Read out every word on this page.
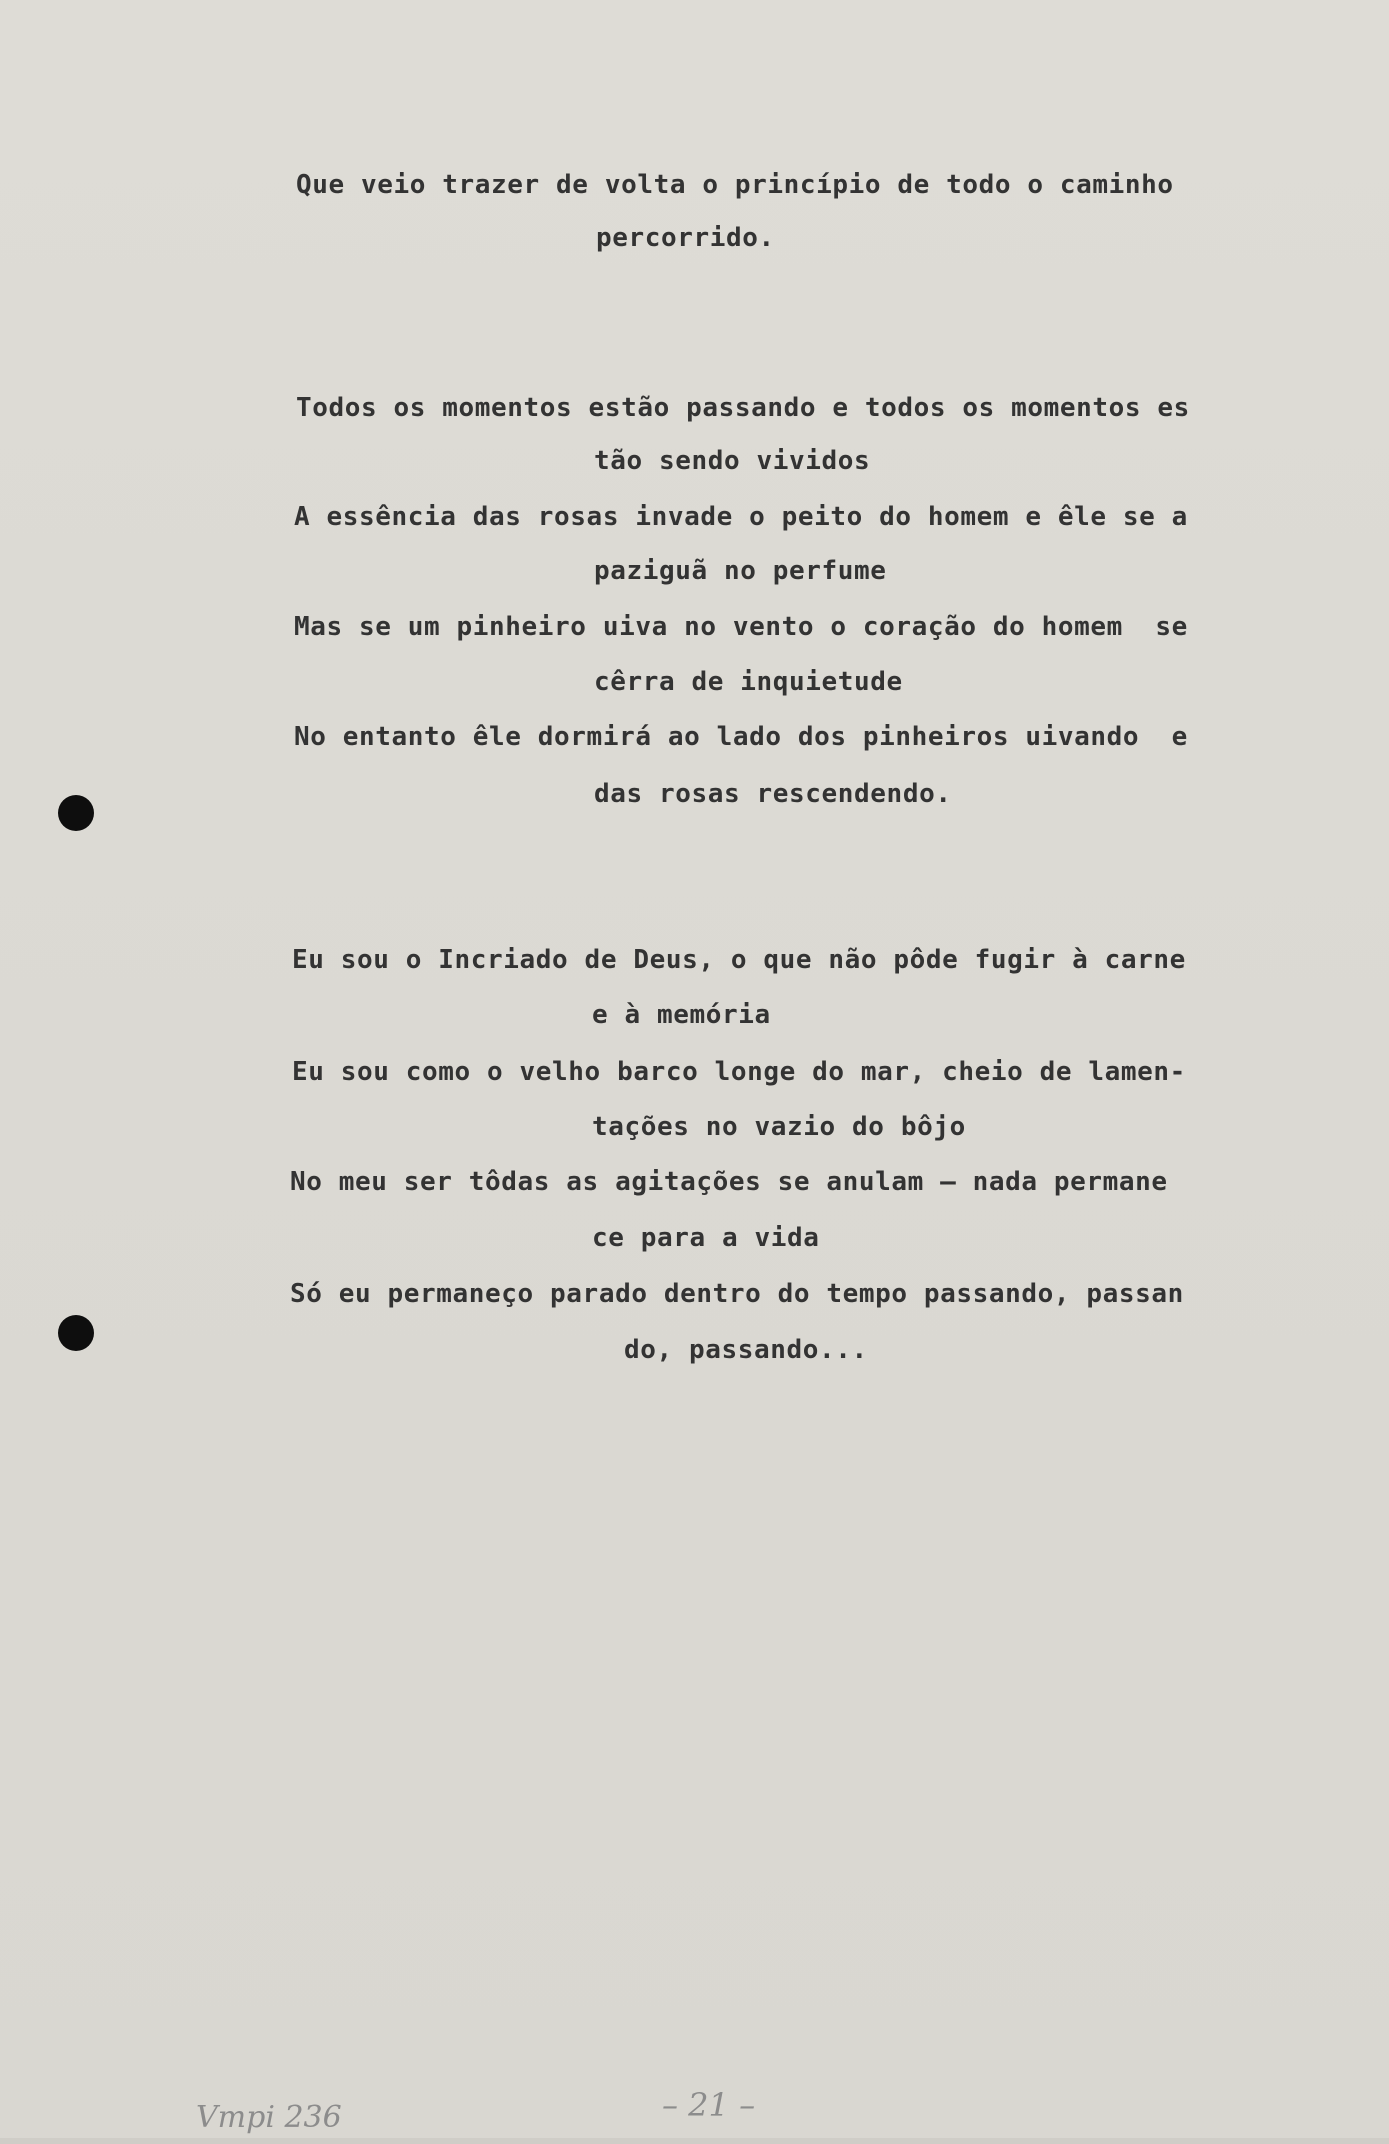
Que veio trazer de volta o princípio de todo o caminho
percorrido.
Todos os momentos estão passando e todos os momentos es
tão sendo vividos
A essência das rosas invade o peito do homem e êle se a
paziguã no perfume
Mas se um pinheiro uiva no vento o coração do homem  se
cêrra de inquietude
No entanto êle dormirá ao lado dos pinheiros uivando  e
das rosas rescendendo.
Eu sou o Incriado de Deus, o que não pôde fugir à carne
e à memória
Eu sou como o velho barco longe do mar, cheio de lamen-
tações no vazio do bôjo
No meu ser tôdas as agitações se anulam — nada permane
ce para a vida
Só eu permaneço parado dentro do tempo passando, passan
do, passando...
Vmpi 236	– 21 –
